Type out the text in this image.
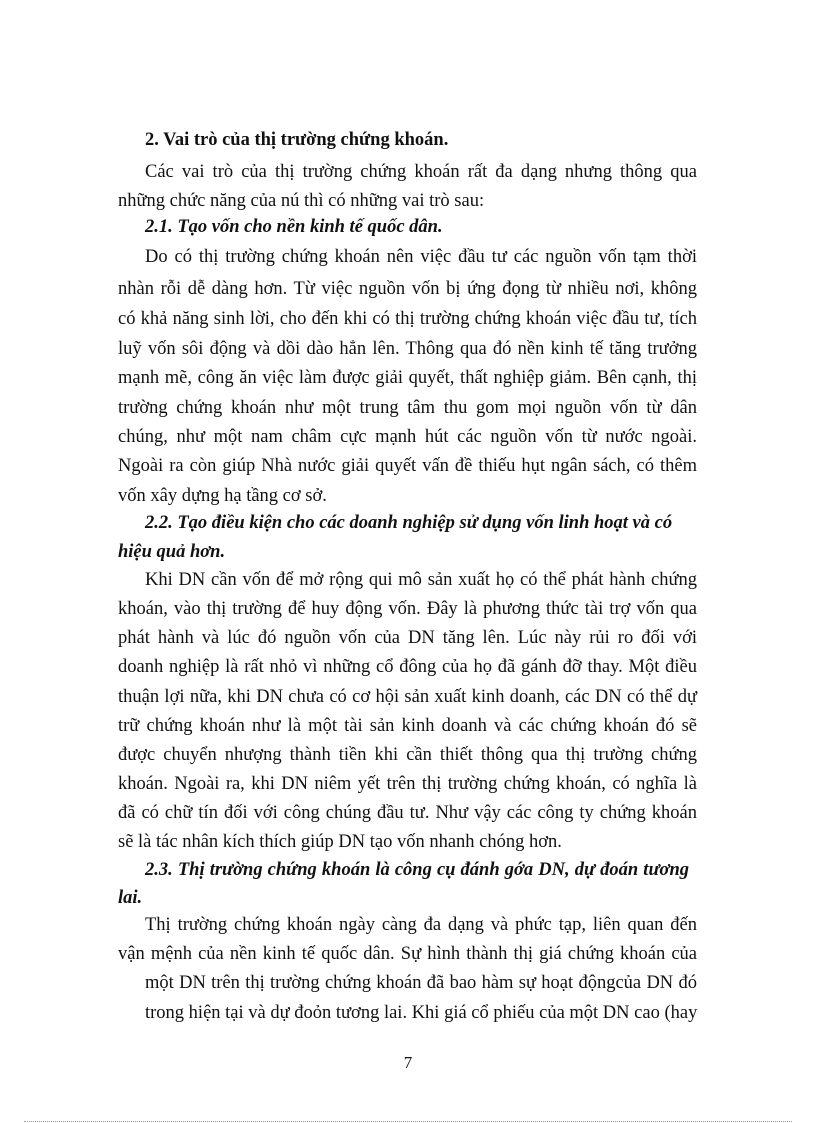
2. Vai trò của thị trường chứng khoán.
Các vai trò của thị trường chứng khoán rất đa dạng nhưng thông qua
những chức năng của nú thì có những vai trò sau:
2.1. Tạo vốn cho nền kinh tế quốc dân.
Do có thị trường chứng khoán nên việc đầu tư các nguồn vốn tạm thời
nhàn rỗi dễ dàng hơn. Từ việc nguồn vốn bị ứng đọng từ nhiều nơi, không
có khả năng sinh lời, cho đến khi có thị trường chứng khoán việc đầu tư, tích
luỹ vốn sôi động và dồi dào hẳn lên. Thông qua đó nền kinh tế tăng trưởng
mạnh mẽ, công ăn việc làm được giải quyết, thất nghiệp giảm. Bên cạnh, thị
trường chứng khoán như một trung tâm thu gom mọi nguồn vốn từ dân
chúng, như một nam châm cực mạnh hút các nguồn vốn từ nước ngoài.
Ngoài ra còn giúp Nhà nước giải quyết vấn đề thiếu hụt ngân sách, có thêm
vốn xây dựng hạ tầng cơ sở.
2.2. Tạo điều kiện cho các doanh nghiệp sử dụng vốn linh hoạt và có
hiệu quả hơn.
Khi DN cần vốn để mở rộng qui mô sản xuất họ có thể phát hành chứng
khoán, vào thị trường để huy động vốn. Đây là phương thức tài trợ vốn qua
phát hành và lúc đó nguồn vốn của DN tăng lên. Lúc này rủi ro đối với
doanh nghiệp là rất nhỏ vì những cổ đông của họ đã gánh đỡ thay. Một điều
thuận lợi nữa, khi DN chưa có cơ hội sản xuất kinh doanh, các DN có thể dự
trữ chứng khoán như là một tài sản kinh doanh và các chứng khoán đó sẽ
được chuyển nhượng thành tiền khi cần thiết thông qua thị trường chứng
khoán. Ngoài ra, khi DN niêm yết trên thị trường chứng khoán, có nghĩa là
đã có chữ tín đối với công chúng đầu tư. Như vậy các công ty chứng khoán
sẽ là tác nhân kích thích giúp DN tạo vốn nhanh chóng hơn.
2.3. Thị trường chứng khoán là công cụ đánh gớa DN, dự đoán tương
lai.
Thị trường chứng khoán ngày càng đa dạng và phức tạp, liên quan đến
vận mệnh của nền kinh tế quốc dân. Sự hình thành thị giá chứng khoán của
một DN trên thị trường chứng khoán đã bao hàm sự hoạt độngcủa DN đó
trong hiện tại và dự đoỏn tương lai. Khi giá cổ phiếu của một DN cao (hay
7
